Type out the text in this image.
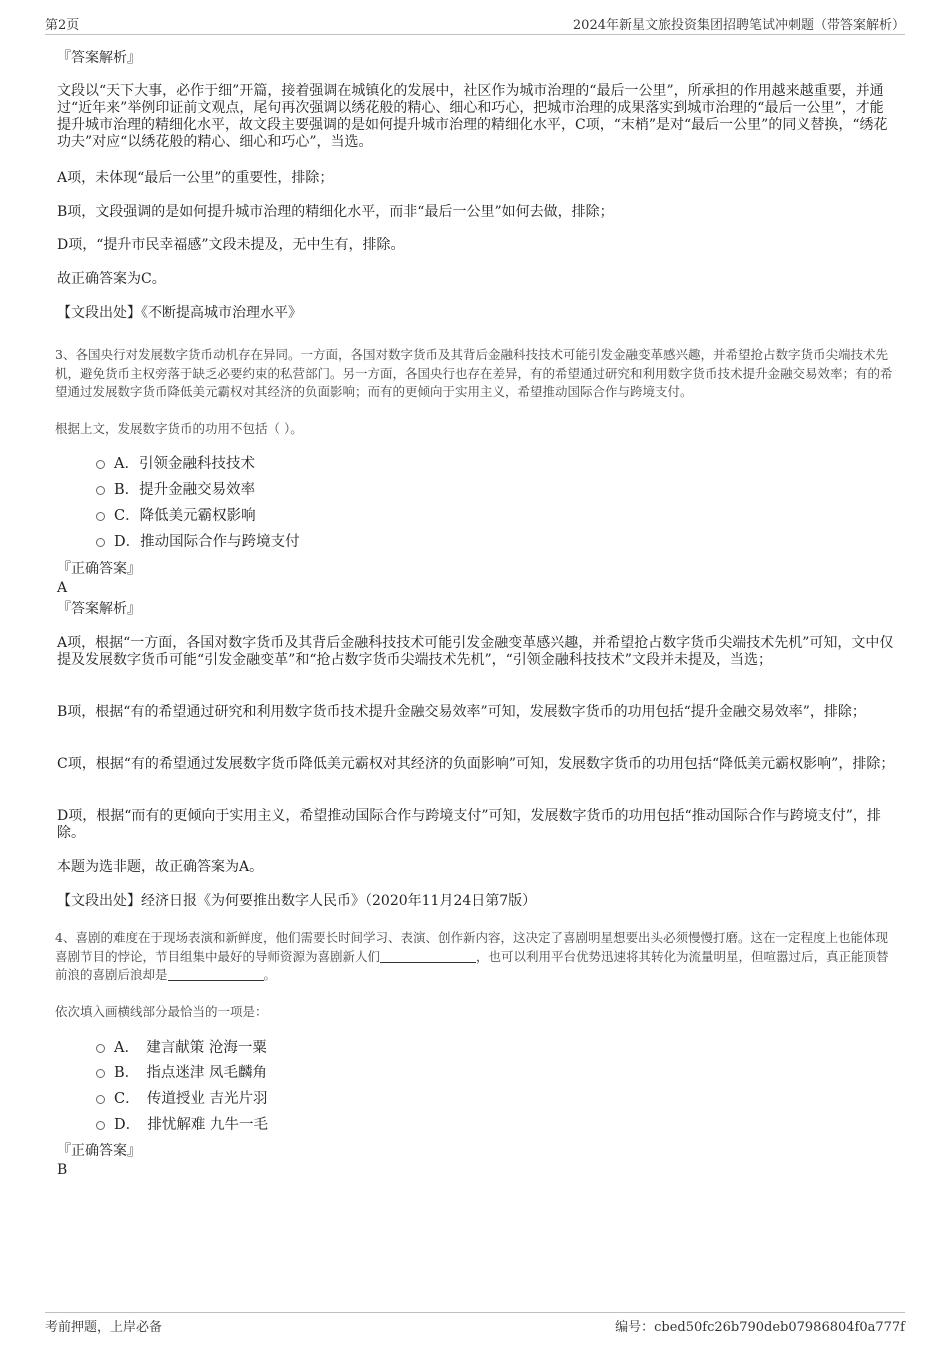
第2页	2024年新星文旅投资集团招聘笔试冲刺题（带答案解析）
『答案解析』
文段以“天下大事，必作于细”开篇，接着强调在城镇化的发展中，社区作为城市治理的“最后一公里”，所承担的作用越来越重要，并通过“近年来”举例印证前文观点，尾句再次强调以绣花般的精心、细心和巧心，把城市治理的成果落实到城市治理的“最后一公里”，才能提升城市治理的精细化水平，故文段主要强调的是如何提升城市治理的精细化水平，C项，“末梢”是对“最后一公里”的同义替换，“绣花功夫”对应“以绣花般的精心、细心和巧心”，当选。
A项，未体现“最后一公里”的重要性，排除；
B项，文段强调的是如何提升城市治理的精细化水平，而非“最后一公里”如何去做，排除；
D项，“提升市民幸福感”文段未提及，无中生有，排除。
故正确答案为C。
【文段出处】《不断提高城市治理水平》
3、各国央行对发展数字货币动机存在异同。一方面，各国对数字货币及其背后金融科技技术可能引发金融变革感兴趣，并希望抢占数字货币尖端技术先机，避免货币主权旁落于缺乏必要约束的私营部门。另一方面，各国央行也存在差异，有的希望通过研究和利用数字货币技术提升金融交易效率；有的希望通过发展数字货币降低美元霸权对其经济的负面影响；而有的更倾向于实用主义，希望推动国际合作与跨境支付。
根据上文，发展数字货币的功用不包括（ ）。
A．引领金融科技技术
B．提升金融交易效率
C．降低美元霸权影响
D．推动国际合作与跨境支付
『正确答案』
A
『答案解析』
A项，根据“一方面，各国对数字货币及其背后金融科技技术可能引发金融变革感兴趣，并希望抢占数字货币尖端技术先机”可知，文中仅提及发展数字货币可能“引发金融变革”和“抢占数字货币尖端技术先机”，“引领金融科技技术”文段并未提及，当选；
B项，根据“有的希望通过研究和利用数字货币技术提升金融交易效率”可知，发展数字货币的功用包括“提升金融交易效率”，排除；
C项，根据“有的希望通过发展数字货币降低美元霸权对其经济的负面影响”可知，发展数字货币的功用包括“降低美元霸权影响”，排除；
D项，根据“而有的更倾向于实用主义，希望推动国际合作与跨境支付”可知，发展数字货币的功用包括“推动国际合作与跨境支付”，排除。
本题为选非题，故正确答案为A。
【文段出处】经济日报《为何要推出数字人民币》（2020年11月24日第7版）
4、喜剧的难度在于现场表演和新鲜度，他们需要长时间学习、表演、创作新内容，这决定了喜剧明星想要出头必须慢慢打磨。这在一定程度上也能体现喜剧节目的悖论，节目组集中最好的导师资源为喜剧新人们	，也可以利用平台优势迅速将其转化为流量明星，但喧嚣过后，真正能顶替前浪的喜剧后浪却是	。
依次填入画横线部分最恰当的一项是：
A．　建言献策 沧海一粟
B．　指点迷津 凤毛麟角
C．　传道授业 吉光片羽
D．　排忧解难 九牛一毛
『正确答案』
B
考前押题，上岸必备	编号：cbed50fc26b790deb07986804f0a777f
